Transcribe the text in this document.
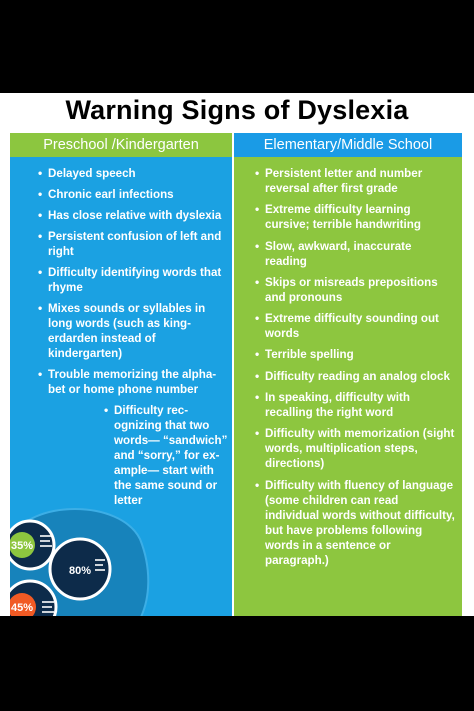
Warning Signs of Dyslexia
Preschool /Kindergarten	Elementary/Middle School
• Delayed speech
• Chronic earl infections
• Has close relative with dyslexia
• Persistent confusion of left and right
• Difficulty identifying words that rhyme
• Mixes sounds or syllables in long words (such as king-erdarden instead of kindergarten)
• Trouble memorizing the alpha-bet or home phone number
• Difficulty rec-ognizing that two words— “sandwich” and “sorry,” for ex-ample— start with the same sound or letter
35%
80%
45%
• Persistent letter and number reversal after first grade
• Extreme difficulty learning cursive; terrible handwriting
• Slow, awkward, inaccurate reading
• Skips or misreads prepositions and pronouns
• Extreme difficulty sounding out words
• Terrible spelling
• Difficulty reading an analog clock
• In speaking, difficulty with recalling the right word
• Difficulty with memorization (sight words, multiplication steps, directions)
• Difficulty with fluency of language (some children can read individual words without difficulty, but have problems following words in a sentence or paragraph.)
